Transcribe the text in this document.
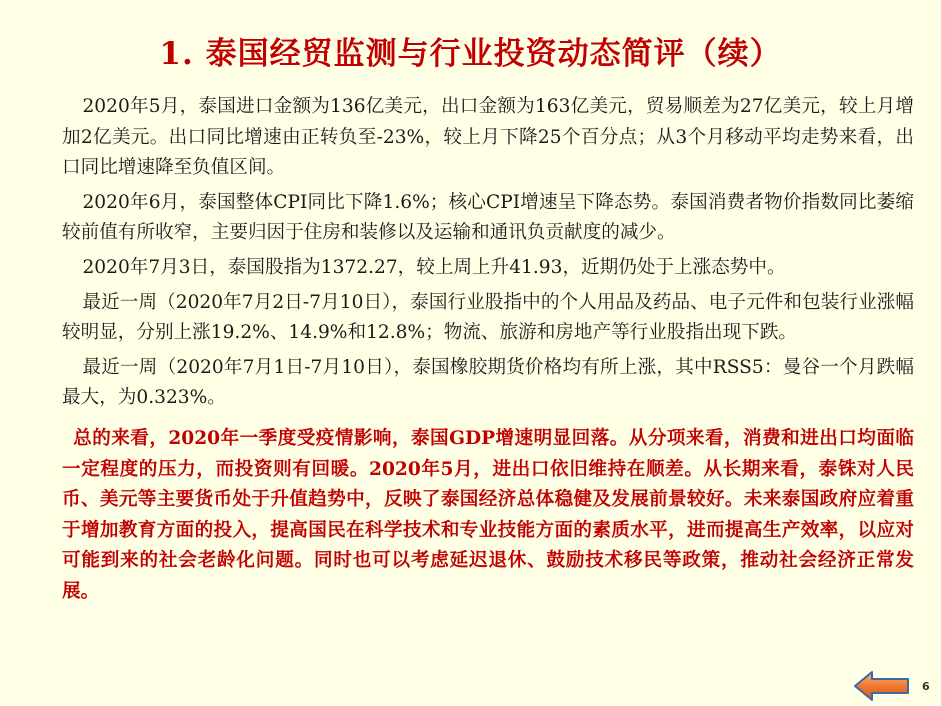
1. 泰国经贸监测与行业投资动态简评（续）

2020年5月，泰国进口金额为136亿美元，出口金额为163亿美元，贸易顺差为27亿美元，较上月增加2亿美元。出口同比增速由正转负至-23%，较上月下降25个百分点；从3个月移动平均走势来看，出口同比增速降至负值区间。

2020年6月，泰国整体CPI同比下降1.6%；核心CPI增速呈下降态势。泰国消费者物价指数同比萎缩较前值有所收窄，主要归因于住房和装修以及运输和通讯负贡献度的减少。

2020年7月3日，泰国股指为1372.27，较上周上升41.93，近期仍处于上涨态势中。

最近一周（2020年7月2日-7月10日），泰国行业股指中的个人用品及药品、电子元件和包装行业涨幅较明显，分别上涨19.2%、14.9%和12.8%；物流、旅游和房地产等行业股指出现下跌。

最近一周（2020年7月1日-7月10日），泰国橡胶期货价格均有所上涨，其中RSS5：曼谷一个月跌幅最大，为0.323%。

总的来看，2020年一季度受疫情影响，泰国GDP增速明显回落。从分项来看，消费和进出口均面临一定程度的压力，而投资则有回暖。2020年5月，进出口依旧维持在顺差。从长期来看，泰铢对人民币、美元等主要货币处于升值趋势中，反映了泰国经济总体稳健及发展前景较好。未来泰国政府应着重于增加教育方面的投入，提高国民在科学技术和专业技能方面的素质水平，进而提高生产效率，以应对可能到来的社会老龄化问题。同时也可以考虑延迟退休、鼓励技术移民等政策，推动社会经济正常发展。

6
